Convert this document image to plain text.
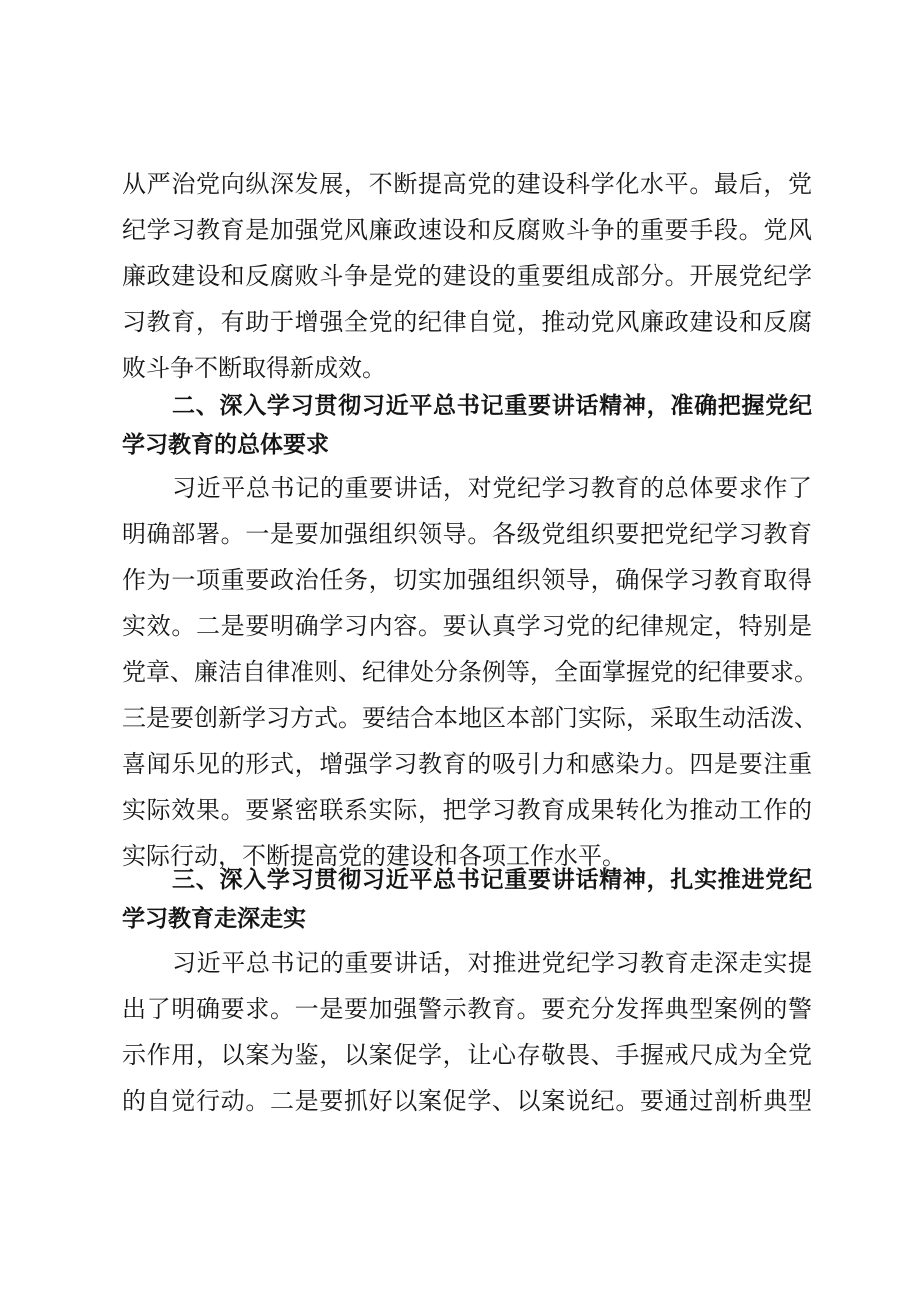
从严治党向纵深发展，不断提高党的建设科学化水平。最后，党
纪学习教育是加强党风廉政速设和反腐败斗争的重要手段。党风
廉政建设和反腐败斗争是党的建设的重要组成部分。开展党纪学
习教育，有助于增强全党的纪律自觉，推动党风廉政建设和反腐
败斗争不断取得新成效。
二、深入学习贯彻习近平总书记重要讲话精神，准确把握党纪
学习教育的总体要求
习近平总书记的重要讲话，对党纪学习教育的总体要求作了
明确部署。一是要加强组织领导。各级党组织要把党纪学习教育
作为一项重要政治任务，切实加强组织领导，确保学习教育取得
实效。二是要明确学习内容。要认真学习党的纪律规定，特别是
党章、廉洁自律准则、纪律处分条例等，全面掌握党的纪律要求。
三是要创新学习方式。要结合本地区本部门实际，采取生动活泼、
喜闻乐见的形式，增强学习教育的吸引力和感染力。四是要注重
实际效果。要紧密联系实际，把学习教育成果转化为推动工作的
实际行动，不断提高党的建设和各项工作水平。
三、深入学习贯彻习近平总书记重要讲话精神，扎实推进党纪
学习教育走深走实
习近平总书记的重要讲话，对推进党纪学习教育走深走实提
出了明确要求。一是要加强警示教育。要充分发挥典型案例的警
示作用，以案为鉴，以案促学，让心存敬畏、手握戒尺成为全党
的自觉行动。二是要抓好以案促学、以案说纪。要通过剖析典型
